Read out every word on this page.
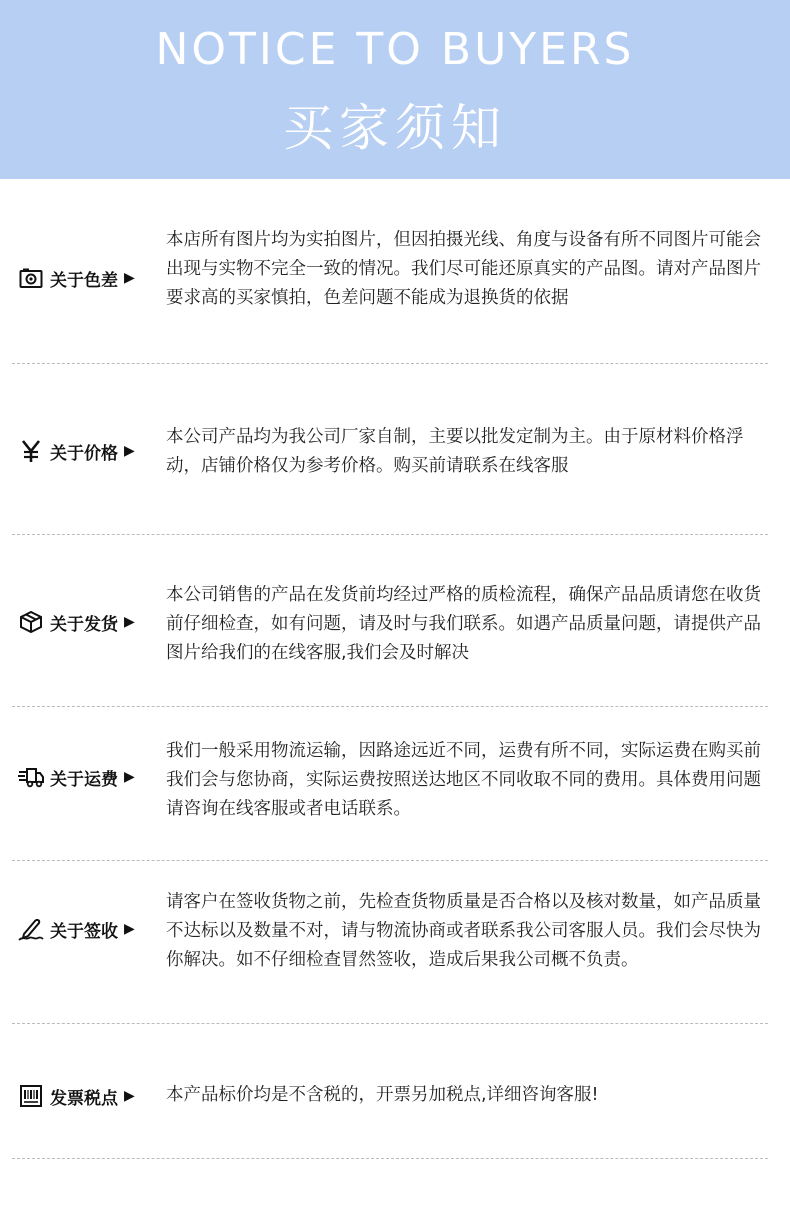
NOTICE TO BUYERS
买家须知
关于色差 ▶
本店所有图片均为实拍图片，但因拍摄光线、角度与设备有所不同图片可能会出现与实物不完全一致的情况。我们尽可能还原真实的产品图。请对产品图片要求高的买家慎拍，色差问题不能成为退换货的依据
关于价格 ▶
本公司产品均为我公司厂家自制，主要以批发定制为主。由于原材料价格浮动，店铺价格仅为参考价格。购买前请联系在线客服
关于发货 ▶
本公司销售的产品在发货前均经过严格的质检流程，确保产品品质请您在收货前仔细检查，如有问题，请及时与我们联系。如遇产品质量问题，请提供产品图片给我们的在线客服,我们会及时解决
关于运费 ▶
我们一般采用物流运输，因路途远近不同，运费有所不同，实际运费在购买前我们会与您协商，实际运费按照送达地区不同收取不同的费用。具体费用问题请咨询在线客服或者电话联系。
关于签收 ▶
请客户在签收货物之前，先检查货物质量是否合格以及核对数量，如产品质量不达标以及数量不对，请与物流协商或者联系我公司客服人员。我们会尽快为你解决。如不仔细检查冒然签收，造成后果我公司概不负责。
发票税点 ▶ 本产品标价均是不含税的，开票另加税点,详细咨询客服!
